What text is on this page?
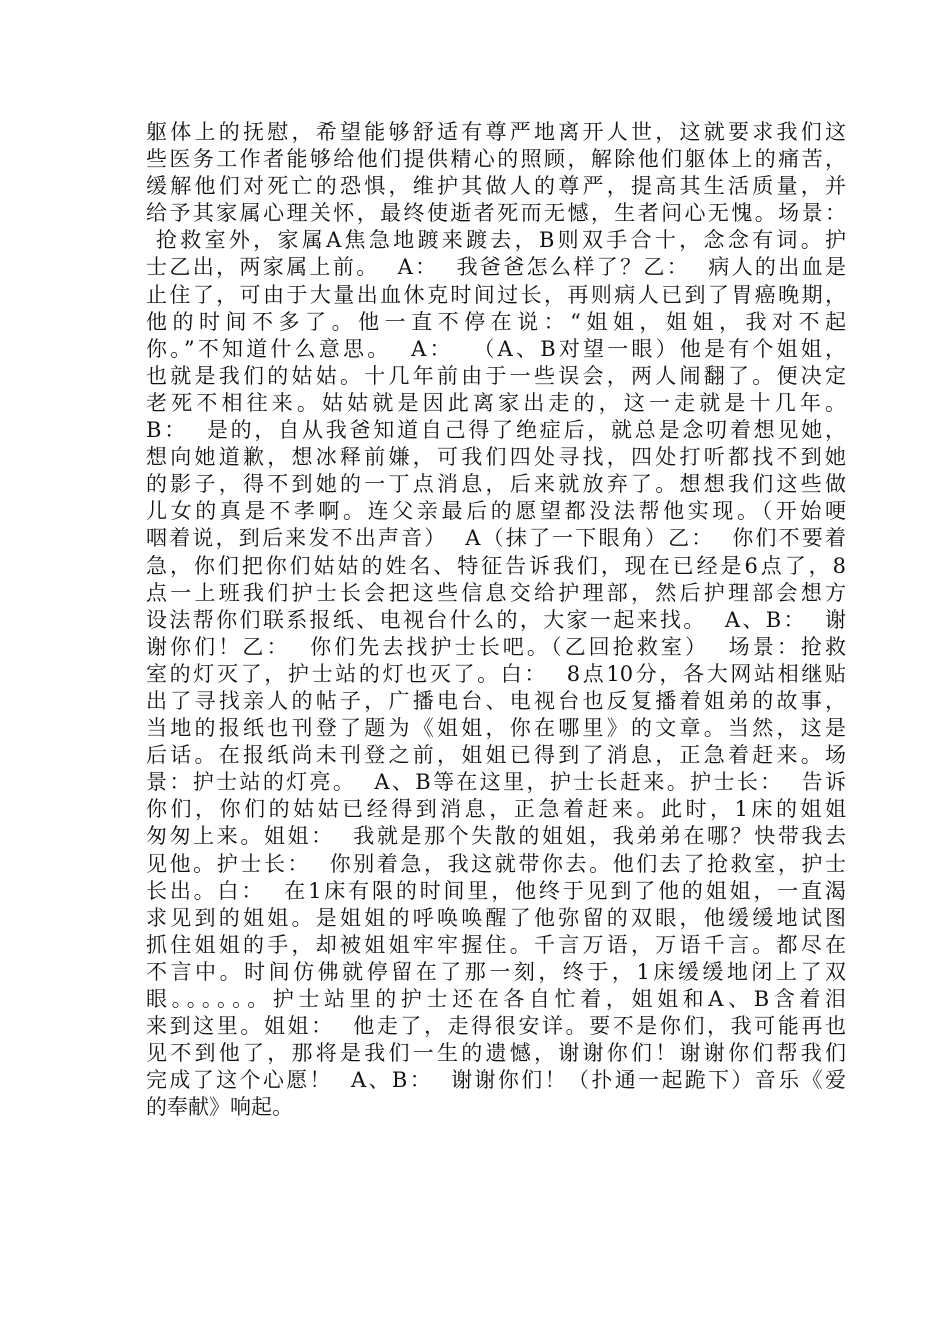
躯体上的抚慰，希望能够舒适有尊严地离开人世，这就要求我们这
些医务工作者能够给他们提供精心的照顾，解除他们躯体上的痛苦，
缓解他们对死亡的恐惧，维护其做人的尊严，提高其生活质量，并
给予其家属心理关怀，最终使逝者死而无憾，生者问心无愧。场景：
抢救室外，家属A焦急地踱来踱去，B则双手合十，念念有词。护
士乙出，两家属上前。  A：  我爸爸怎么样了？乙：  病人的出血是
止住了，可由于大量出血休克时间过长，再则病人已到了胃癌晚期，
他的时间不多了。他一直不停在说：“姐姐，姐姐，我对不起
你。”不知道什么意思。  A：  （A、B对望一眼）他是有个姐姐，
也就是我们的姑姑。十几年前由于一些误会，两人闹翻了。便决定
老死不相往来。姑姑就是因此离家出走的，这一走就是十几年。
B：  是的，自从我爸知道自己得了绝症后，就总是念叨着想见她，
想向她道歉，想冰释前嫌，可我们四处寻找，四处打听都找不到她
的影子，得不到她的一丁点消息，后来就放弃了。想想我们这些做
儿女的真是不孝啊。连父亲最后的愿望都没法帮他实现。（开始哽
咽着说，到后来发不出声音）  A（抹了一下眼角）乙：  你们不要着
急，你们把你们姑姑的姓名、特征告诉我们，现在已经是6点了，8
点一上班我们护士长会把这些信息交给护理部，然后护理部会想方
设法帮你们联系报纸、电视台什么的，大家一起来找。  A、B：  谢
谢你们！乙：  你们先去找护士长吧。（乙回抢救室）  场景：抢救
室的灯灭了，护士站的灯也灭了。白：  8点10分，各大网站相继贴
出了寻找亲人的帖子，广播电台、电视台也反复播着姐弟的故事，
当地的报纸也刊登了题为《姐姐，你在哪里》的文章。当然，这是
后话。在报纸尚未刊登之前，姐姐已得到了消息，正急着赶来。场
景：护士站的灯亮。  A、B等在这里，护士长赶来。护士长：  告诉
你们，你们的姑姑已经得到消息，正急着赶来。此时，1床的姐姐
匆匆上来。姐姐：  我就是那个失散的姐姐，我弟弟在哪？快带我去
见他。护士长：  你别着急，我这就带你去。他们去了抢救室，护士
长出。白：  在1床有限的时间里，他终于见到了他的姐姐，一直渴
求见到的姐姐。是姐姐的呼唤唤醒了他弥留的双眼，他缓缓地试图
抓住姐姐的手，却被姐姐牢牢握住。千言万语，万语千言。都尽在
不言中。时间仿佛就停留在了那一刻，终于，1床缓缓地闭上了双
眼。。。。。。护士站里的护士还在各自忙着，姐姐和A、B含着泪
来到这里。姐姐：  他走了，走得很安详。要不是你们，我可能再也
见不到他了，那将是我们一生的遗憾，谢谢你们！谢谢你们帮我们
完成了这个心愿！  A、B：  谢谢你们！（扑通一起跪下）音乐《爱
的奉献》响起。
